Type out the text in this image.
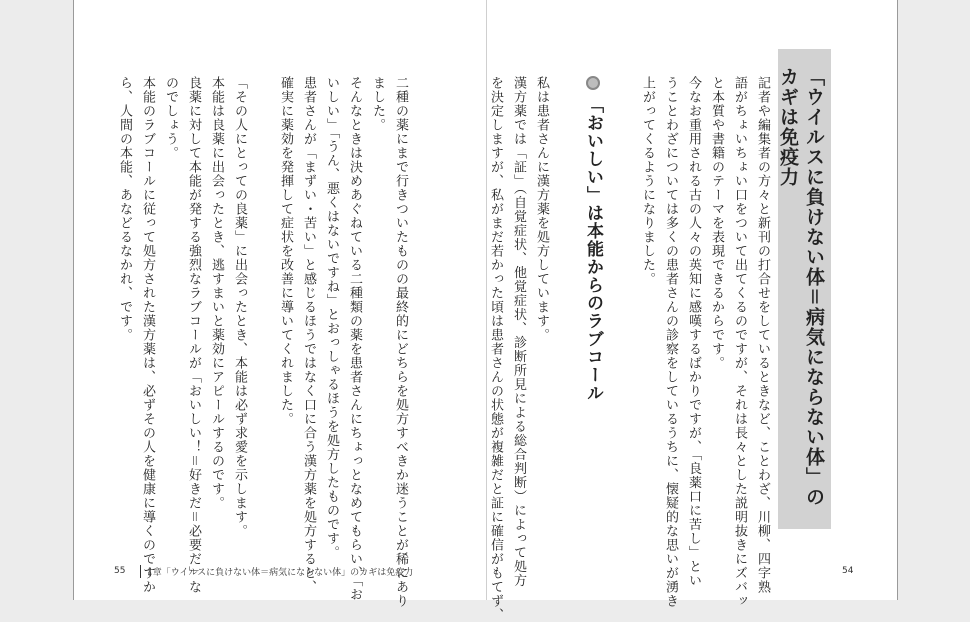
「ウイルスに負けない体＝病気にならない体」の
カギは免疫力
記者や編集者の方々と新刊の打合せをしているときなど、ことわざ、川柳、四字熟
語がちょいちょい口をついて出てくるのですが、それは長々とした説明抜きにズバッ
と本質や書籍のテーマを表現できるからです。
今なお重用される古の人々の英知に感嘆するばかりですが、「良薬口に苦し」とい
うことわざについては多くの患者さんの診察をしているうちに、懐疑的な思いが湧き
上がってくるようになりました。

「おいしい」は本能からのラブコール

私は患者さんに漢方薬を処方しています。
漢方薬では「証」（自覚症状、他覚症状、診断所見による総合判断）によって処方
を決定しますが、私がまだ若かった頃は患者さんの状態が複雑だと証に確信がもてず、
二種の薬にまで行きついたものの最終的にどちらを処方すべきか迷うことが稀にあり
ました。
そんなときは決めあぐねている二種類の薬を患者さんにちょっとなめてもらい、「お
いしい」「うん、悪くはないですね」とおっしゃるほうを処方したものです。
患者さんが「まずい・苦い」と感じるほうではなく口に合う漢方薬を処方すると、
確実に薬効を発揮して症状を改善に導いてくれました。

「その人にとっての良薬」に出会ったとき、本能は必ず求愛を示します。
本能は良薬に出会ったとき、逃すまいと薬効にアピールするのです。
良薬に対して本能が発する強烈なラブコールが「おいしい！＝好きだ＝必要だ」な
のでしょう。
本能のラブコールに従って処方された漢方薬は、必ずその人を健康に導くのですか
ら、人間の本能、あなどるなかれ、です。
55	1章「ウイルスに負けない体＝病気にならない体」のカギは免疫力	54
